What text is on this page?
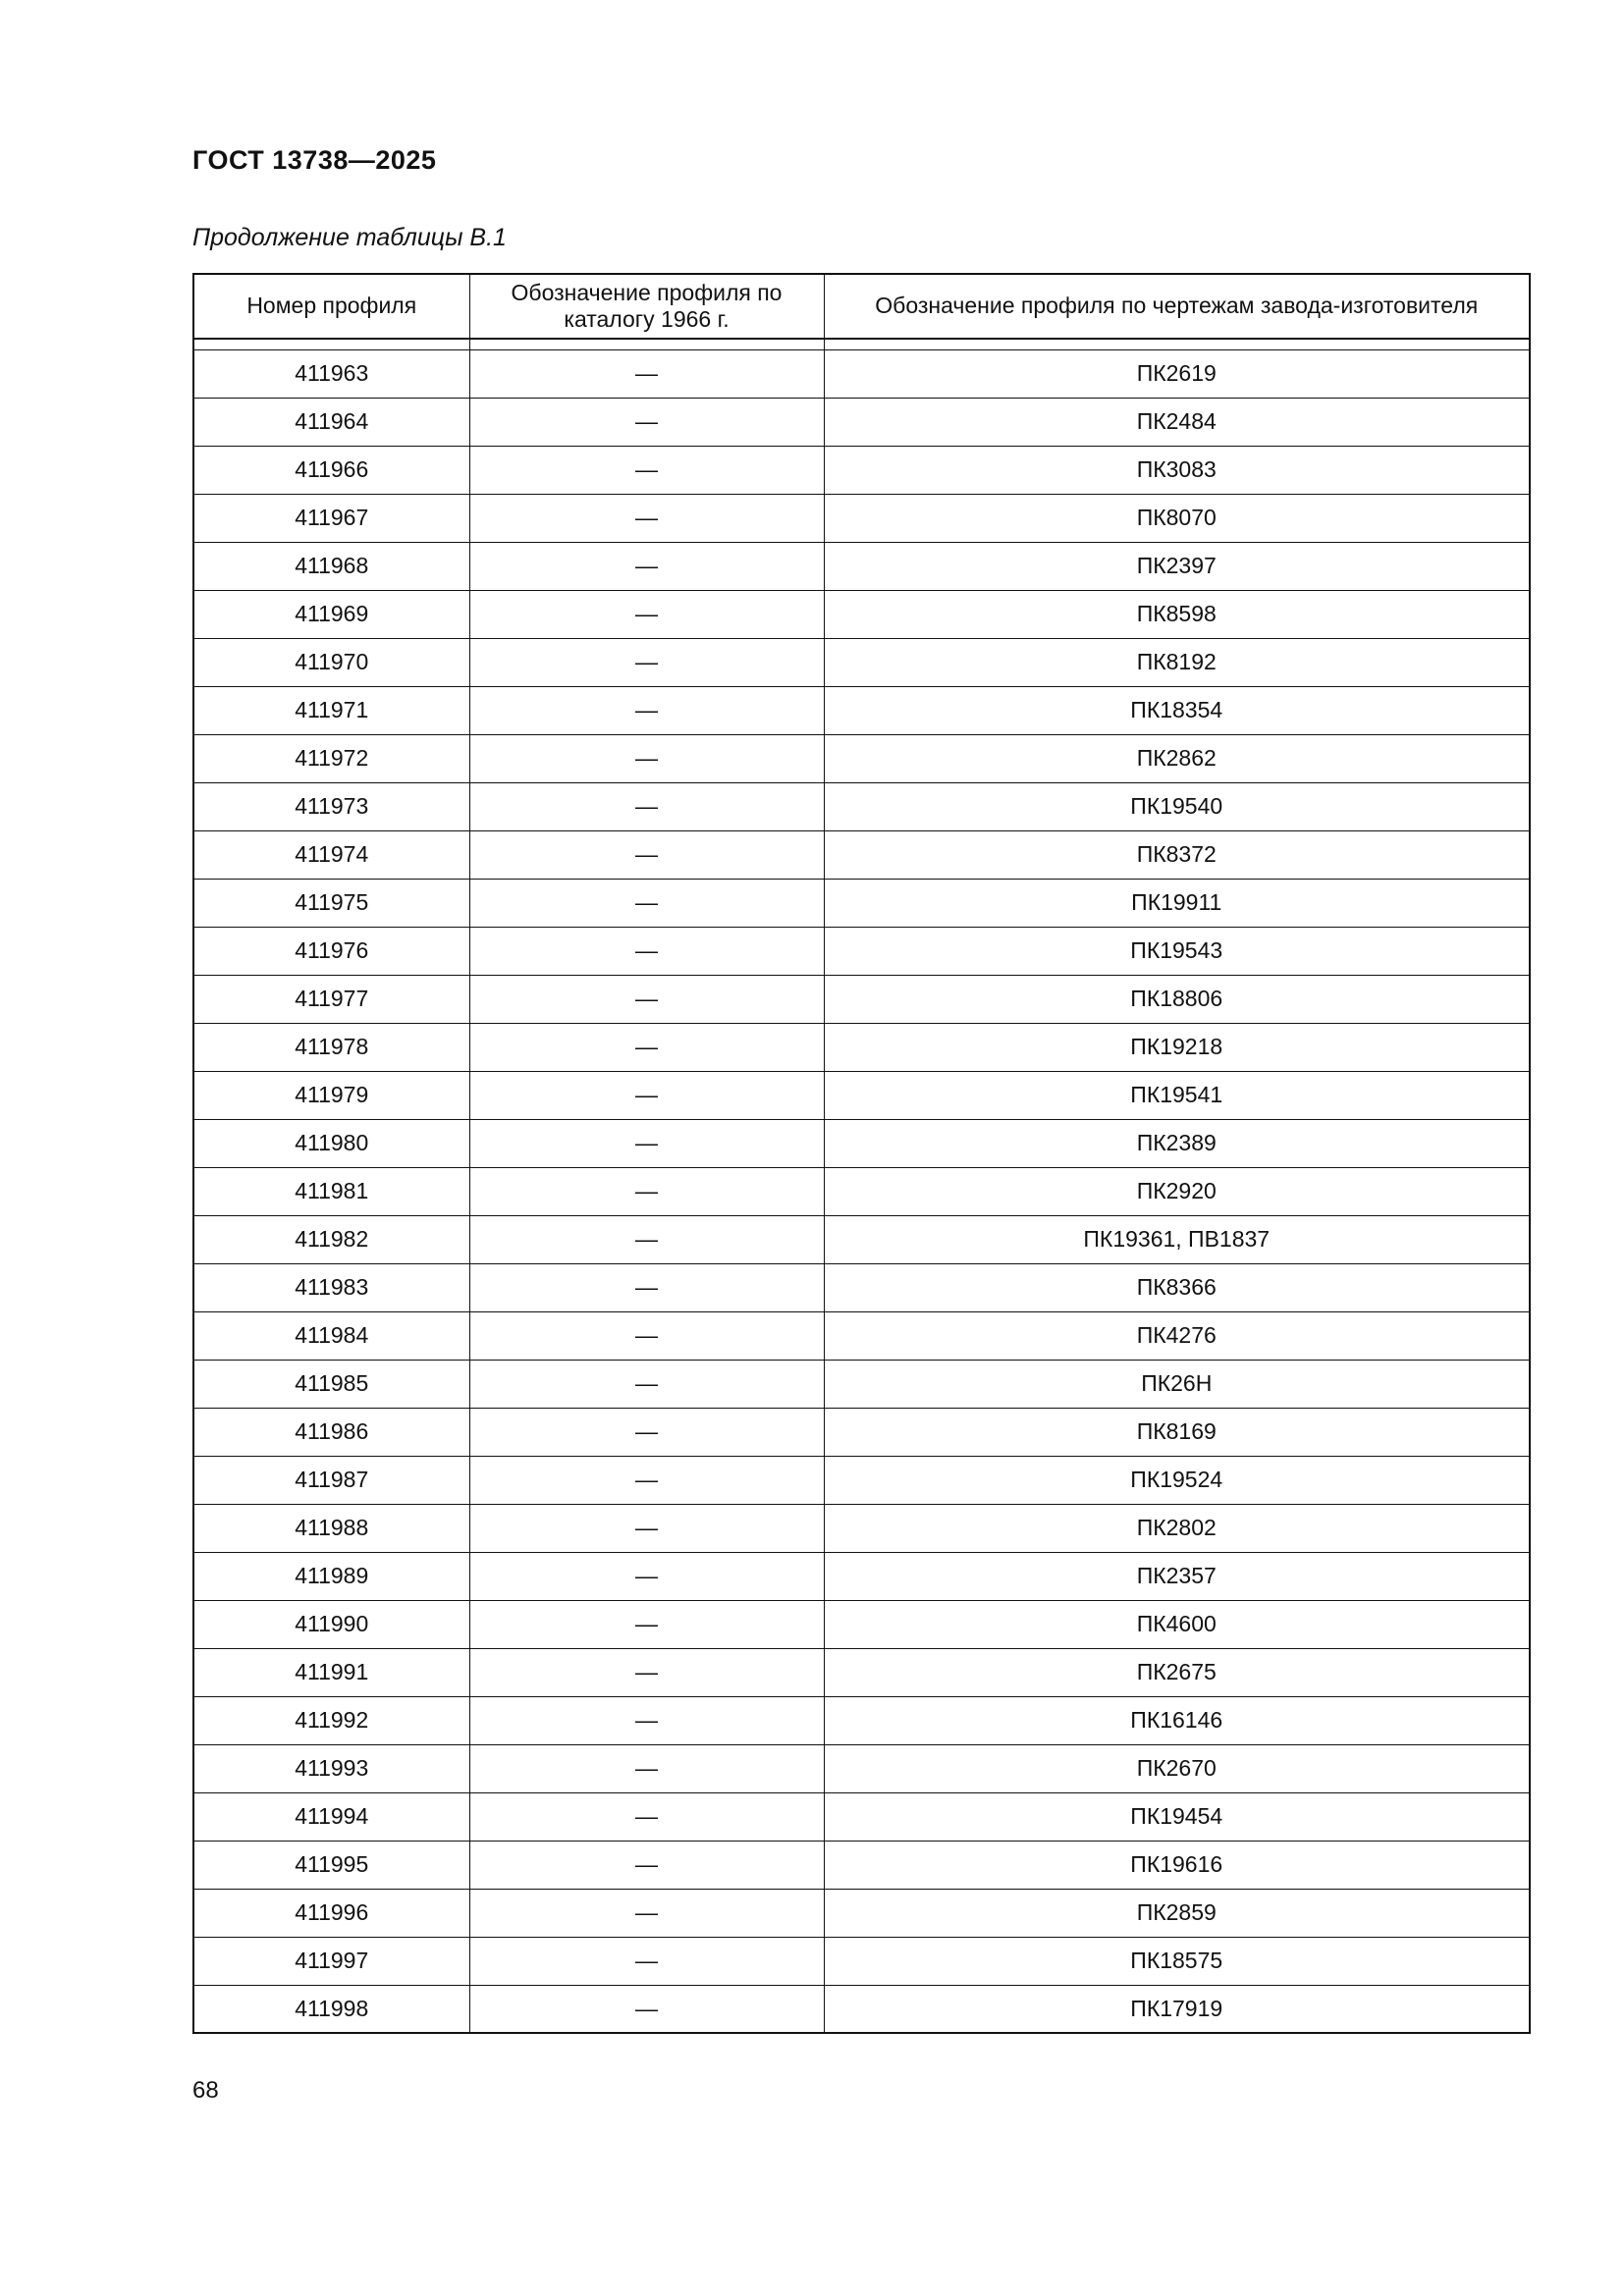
ГОСТ 13738—2025
Продолжение таблицы В.1
Номер профиля	Обозначение профиля по каталогу 1966 г.	Обозначение профиля по чертежам завода-изготовителя

411963	—	ПК2619
411964	—	ПК2484
411966	—	ПК3083
411967	—	ПК8070
411968	—	ПК2397
411969	—	ПК8598
411970	—	ПК8192
411971	—	ПК18354
411972	—	ПК2862
411973	—	ПК19540
411974	—	ПК8372
411975	—	ПК19911
411976	—	ПК19543
411977	—	ПК18806
411978	—	ПК19218
411979	—	ПК19541
411980	—	ПК2389
411981	—	ПК2920
411982	—	ПК19361, ПВ1837
411983	—	ПК8366
411984	—	ПК4276
411985	—	ПК26Н
411986	—	ПК8169
411987	—	ПК19524
411988	—	ПК2802
411989	—	ПК2357
411990	—	ПК4600
411991	—	ПК2675
411992	—	ПК16146
411993	—	ПК2670
411994	—	ПК19454
411995	—	ПК19616
411996	—	ПК2859
411997	—	ПК18575
411998	—	ПК17919
68
